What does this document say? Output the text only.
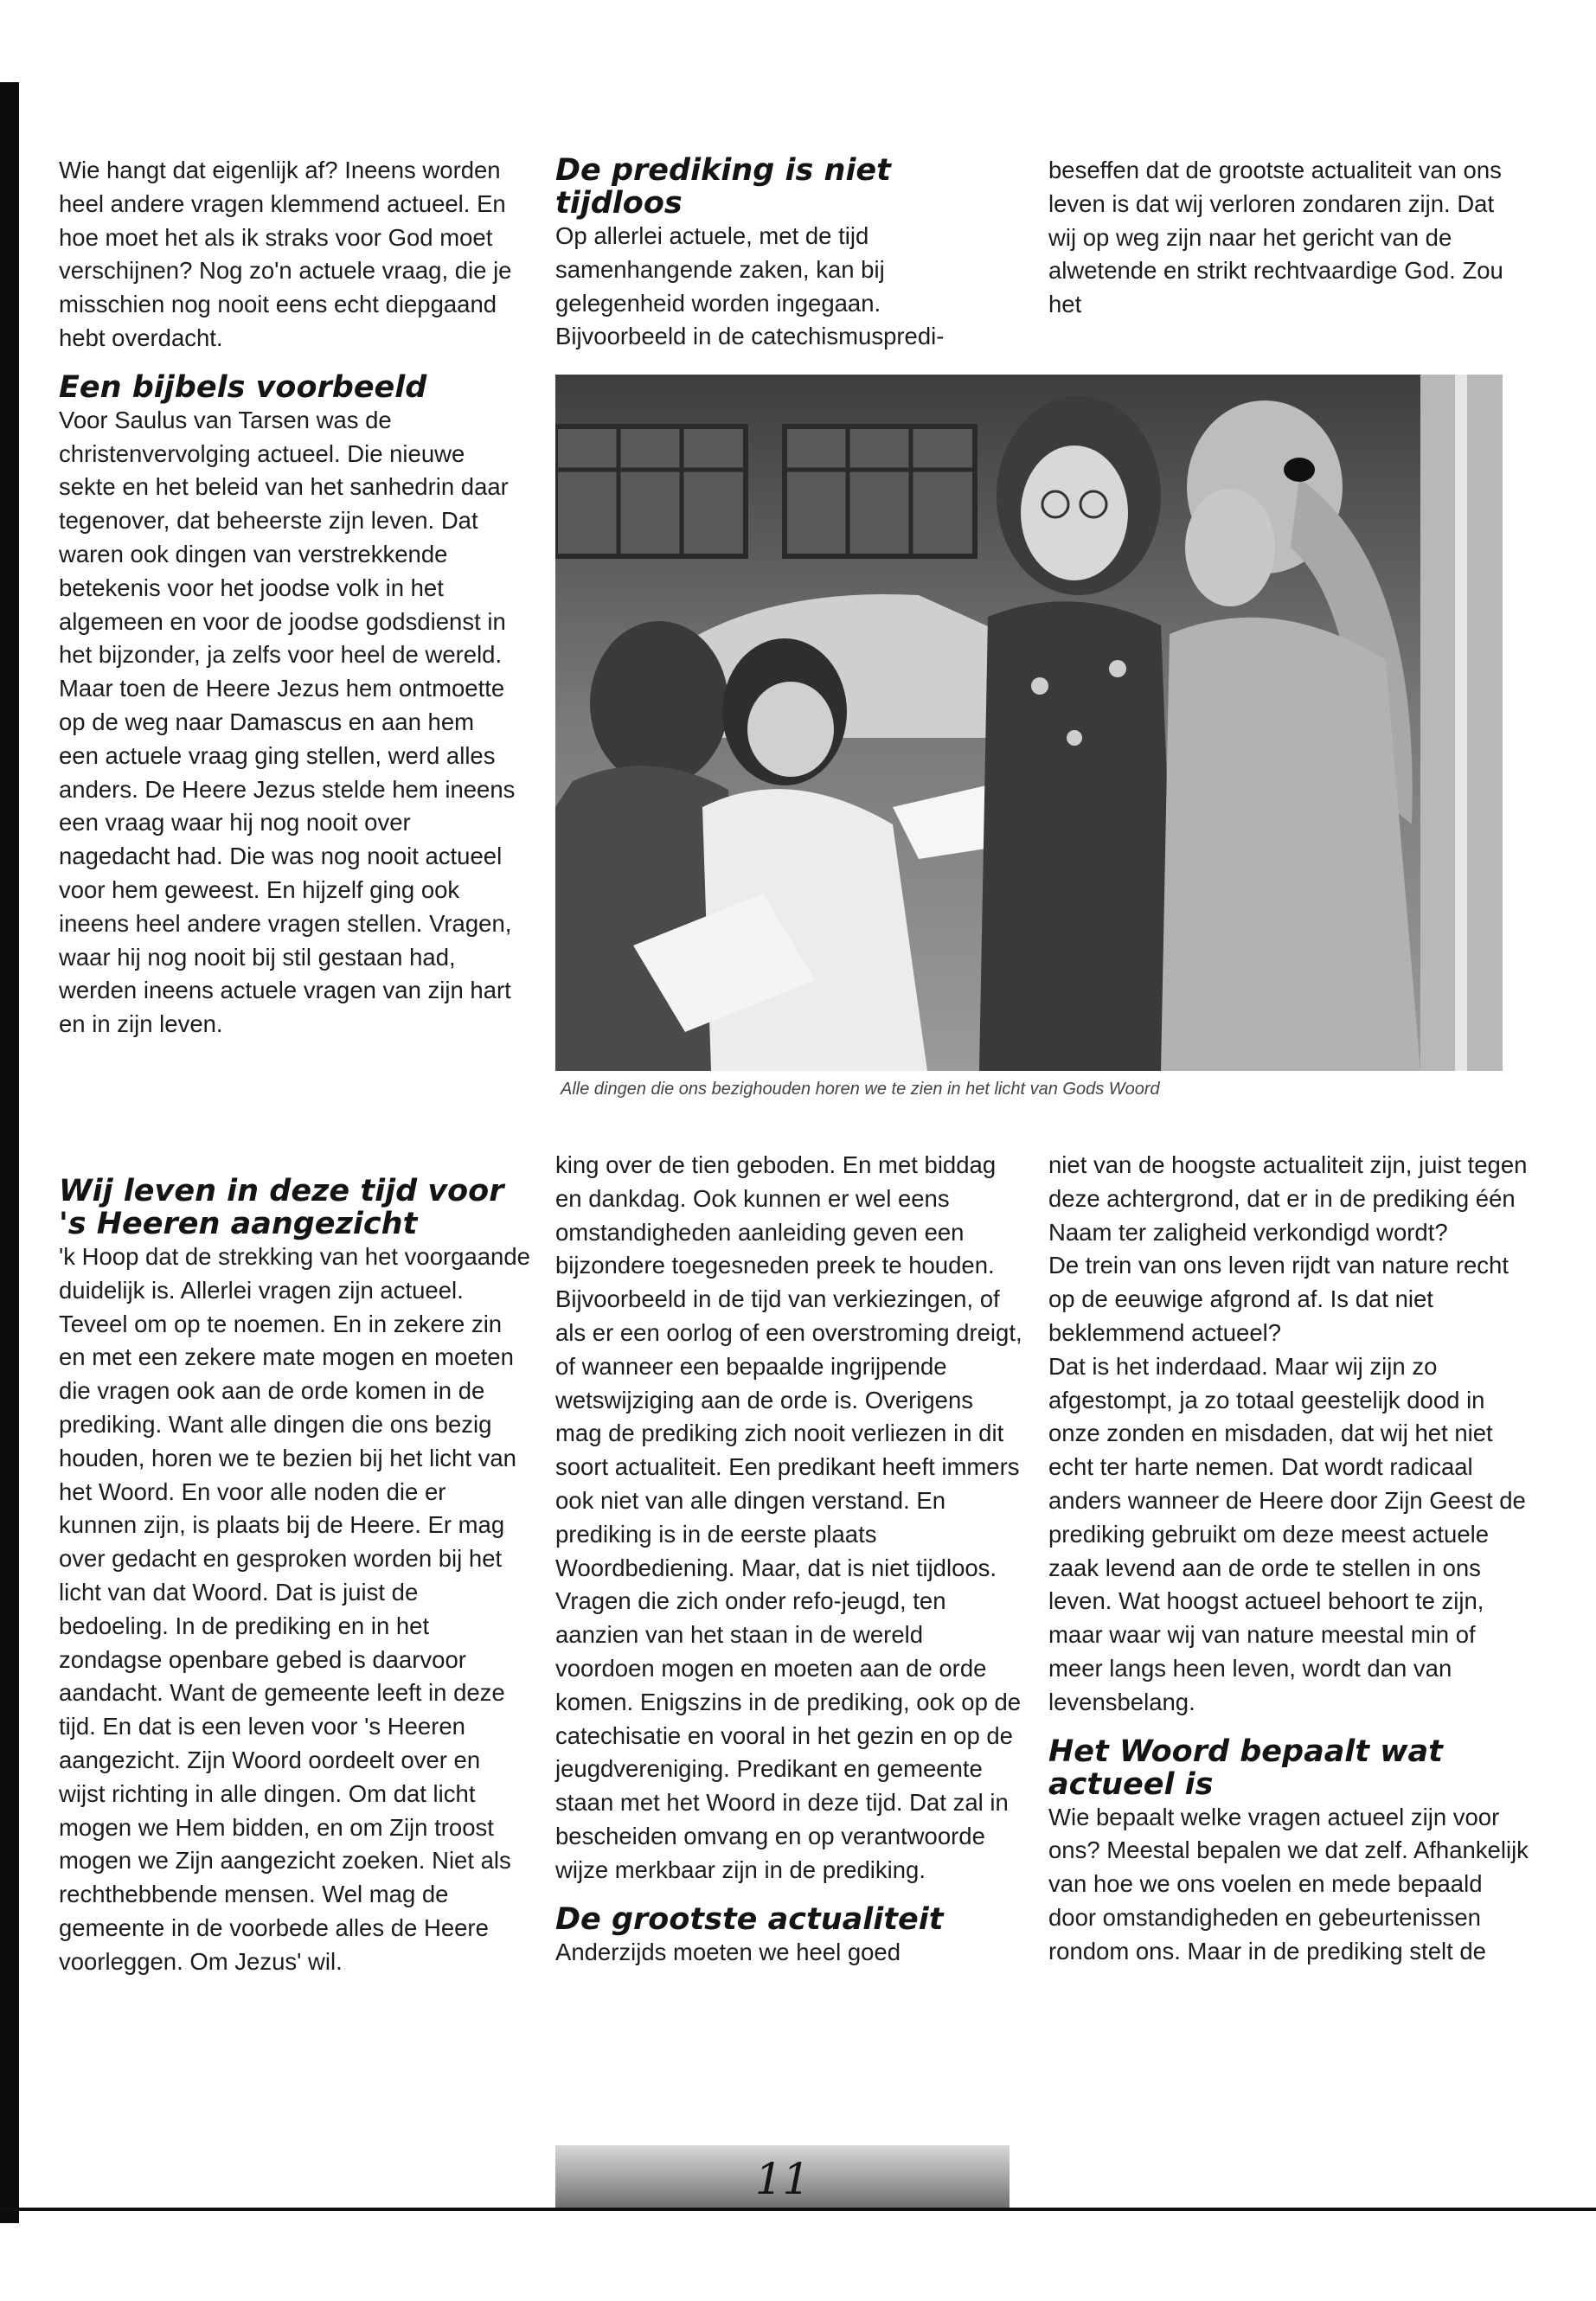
Wie hangt dat eigenlijk af? Ineens worden heel andere vragen klemmend actueel. En hoe moet het als ik straks voor God moet verschijnen? Nog zo'n actuele vraag, die je misschien nog nooit eens echt diepgaand hebt overdacht.

Een bijbels voorbeeld

Voor Saulus van Tarsen was de christenvervolging actueel. Die nieuwe sekte en het beleid van het sanhedrin daar tegenover, dat beheerste zijn leven. Dat waren ook dingen van verstrekkende betekenis voor het joodse volk in het algemeen en voor de joodse godsdienst in het bijzonder, ja zelfs voor heel de wereld. Maar toen de Heere Jezus hem ontmoette op de weg naar Damascus en aan hem een actuele vraag ging stellen, werd alles anders. De Heere Jezus stelde hem ineens een vraag waar hij nog nooit over nagedacht had. Die was nog nooit actueel voor hem geweest. En hijzelf ging ook ineens heel andere vragen stellen. Vragen, waar hij nog nooit bij stil gestaan had, werden ineens actuele vragen van zijn hart en in zijn leven.

De prediking is niet tijdloos

Op allerlei actuele, met de tijd samenhangende zaken, kan bij gelegenheid worden ingegaan. Bijvoorbeeld in de catechismuspredi-

beseffen dat de grootste actualiteit van ons leven is dat wij verloren zondaren zijn. Dat wij op weg zijn naar het gericht van de alwetende en strikt rechtvaardige God. Zou het

Alle dingen die ons bezighouden horen we te zien in het licht van Gods Woord
Wij leven in deze tijd voor 's Heeren aangezicht

'k Hoop dat de strekking van het voorgaande duidelijk is. Allerlei vragen zijn actueel. Teveel om op te noemen. En in zekere zin en met een zekere mate mogen en moeten die vragen ook aan de orde komen in de prediking. Want alle dingen die ons bezig houden, horen we te bezien bij het licht van het Woord. En voor alle noden die er kunnen zijn, is plaats bij de Heere. Er mag over gedacht en gesproken worden bij het licht van dat Woord. Dat is juist de bedoeling. In de prediking en in het zondagse openbare gebed is daarvoor aandacht. Want de gemeente leeft in deze tijd. En dat is een leven voor 's Heeren aangezicht. Zijn Woord oordeelt over en wijst richting in alle dingen. Om dat licht mogen we Hem bidden, en om Zijn troost mogen we Zijn aangezicht zoeken. Niet als rechthebbende mensen. Wel mag de gemeente in de voorbede alles de Heere voorleggen. Om Jezus' wil.

king over de tien geboden. En met biddag en dankdag. Ook kunnen er wel eens omstandigheden aanleiding geven een bijzondere toegesneden preek te houden. Bijvoorbeeld in de tijd van verkiezingen, of als er een oorlog of een overstroming dreigt, of wanneer een bepaalde ingrijpende wetswijziging aan de orde is. Overigens mag de prediking zich nooit verliezen in dit soort actualiteit. Een predikant heeft immers ook niet van alle dingen verstand. En prediking is in de eerste plaats Woordbediening. Maar, dat is niet tijdloos. Vragen die zich onder refo-jeugd, ten aanzien van het staan in de wereld voordoen mogen en moeten aan de orde komen. Enigszins in de prediking, ook op de catechisatie en vooral in het gezin en op de jeugdvereniging. Predikant en gemeente staan met het Woord in deze tijd. Dat zal in bescheiden omvang en op verantwoorde wijze merkbaar zijn in de prediking.

De grootste actualiteit

Anderzijds moeten we heel goed

niet van de hoogste actualiteit zijn, juist tegen deze achtergrond, dat er in de prediking één Naam ter zaligheid verkondigd wordt?

De trein van ons leven rijdt van nature recht op de eeuwige afgrond af. Is dat niet beklemmend actueel?

Dat is het inderdaad. Maar wij zijn zo afgestompt, ja zo totaal geestelijk dood in onze zonden en misdaden, dat wij het niet echt ter harte nemen. Dat wordt radicaal anders wanneer de Heere door Zijn Geest de prediking gebruikt om deze meest actuele zaak levend aan de orde te stellen in ons leven. Wat hoogst actueel behoort te zijn, maar waar wij van nature meestal min of meer langs heen leven, wordt dan van levensbelang.

Het Woord bepaalt wat actueel is

Wie bepaalt welke vragen actueel zijn voor ons? Meestal bepalen we dat zelf. Afhankelijk van hoe we ons voelen en mede bepaald door omstandigheden en gebeurtenissen rondom ons. Maar in de prediking stelt de

11
